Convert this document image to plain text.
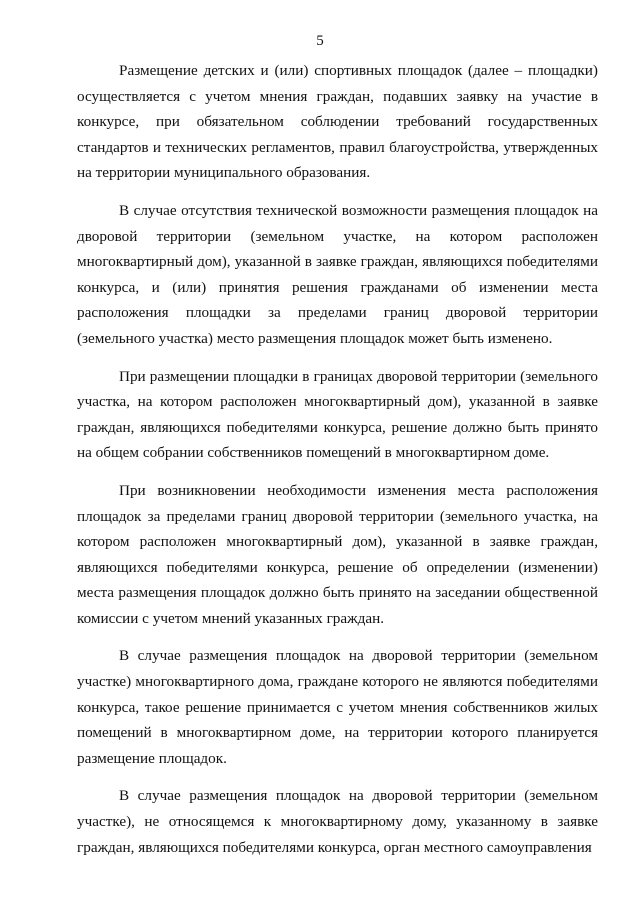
5

Размещение детских и (или) спортивных площадок (далее – площадки) осуществляется с учетом мнения граждан, подавших заявку на участие в конкурсе, при обязательном соблюдении требований государственных стандартов и технических регламентов, правил благоустройства, утвержденных на территории муниципального образования.

В случае отсутствия технической возможности размещения площадок на дворовой территории (земельном участке, на котором расположен многоквартирный дом), указанной в заявке граждан, являющихся победителями конкурса, и (или) принятия решения гражданами об изменении места расположения площадки за пределами границ дворовой территории (земельного участка) место размещения площадок может быть изменено.

При размещении площадки в границах дворовой территории (земельного участка, на котором расположен многоквартирный дом), указанной в заявке граждан, являющихся победителями конкурса, решение должно быть принято на общем собрании собственников помещений в многоквартирном доме.

При возникновении необходимости изменения места расположения площадок за пределами границ дворовой территории (земельного участка, на котором расположен многоквартирный дом), указанной в заявке граждан, являющихся победителями конкурса, решение об определении (изменении) места размещения площадок должно быть принято на заседании общественной комиссии с учетом мнений указанных граждан.

В случае размещения площадок на дворовой территории (земельном участке) многоквартирного дома, граждане которого не являются победителями конкурса, такое решение принимается с учетом мнения собственников жилых помещений в многоквартирном доме, на территории которого планируется размещение площадок.

В случае размещения площадок на дворовой территории (земельном участке), не относящемся к многоквартирному дому, указанному в заявке граждан, являющихся победителями конкурса, орган местного самоуправления
